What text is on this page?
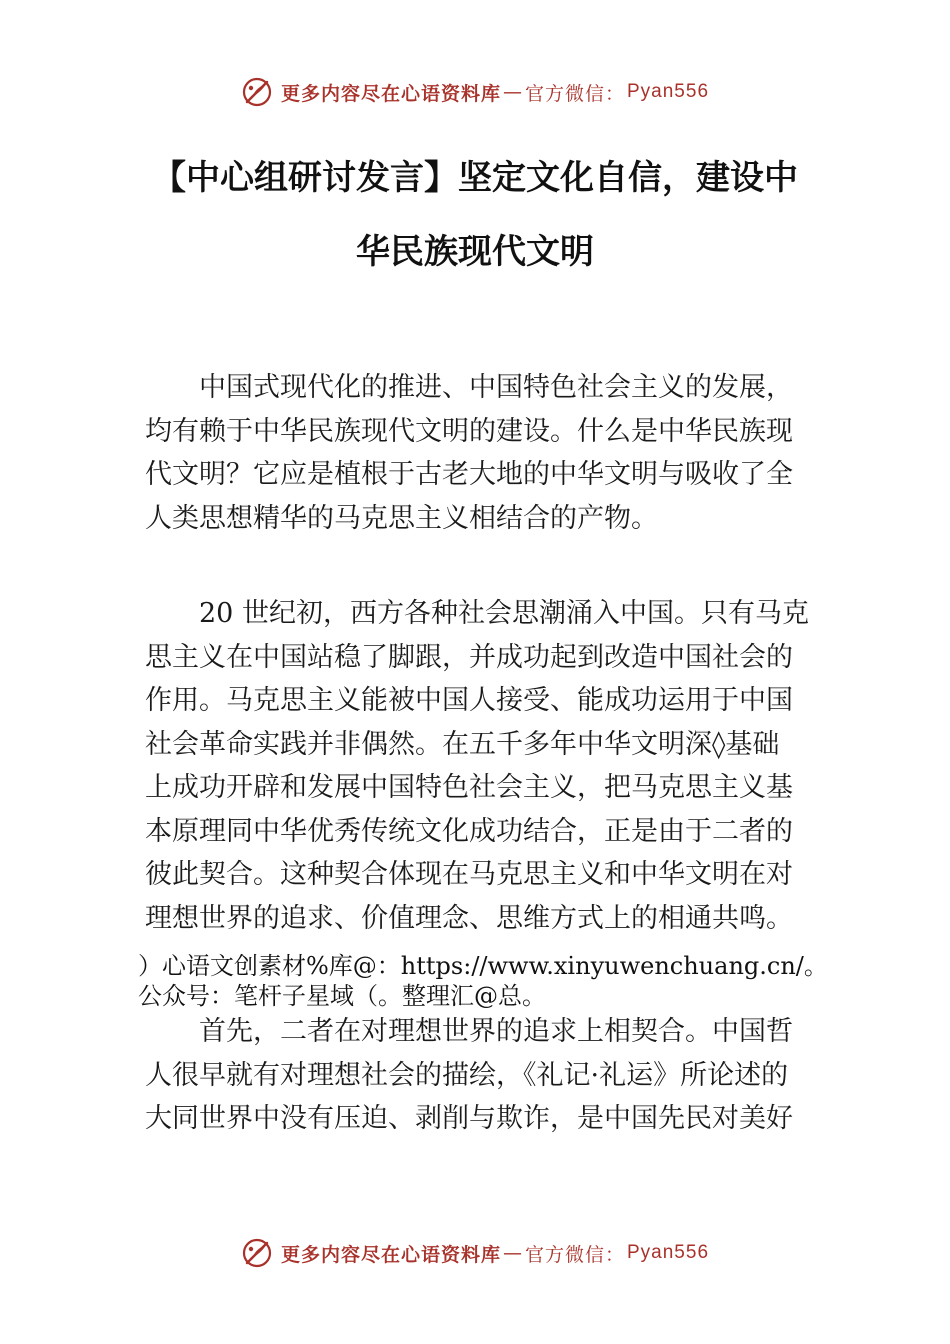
更多内容尽在心语资料库 — 官方微信： Pyan556
【中心组研讨发言】坚定文化自信，建设中
华民族现代文明
中国式现代化的推进、中国特色社会主义的发展，
均有赖于中华民族现代文明的建设。什么是中华民族现
代文明？它应是植根于古老大地的中华文明与吸收了全
人类思想精华的马克思主义相结合的产物。
20 世纪初，西方各种社会思潮涌入中国。只有马克
思主义在中国站稳了脚跟，并成功起到改造中国社会的
作用。马克思主义能被中国人接受、能成功运用于中国
社会革命实践并非偶然。在五千多年中华文明深◊基础
上成功开辟和发展中国特色社会主义，把马克思主义基
本原理同中华优秀传统文化成功结合，正是由于二者的
彼此契合。这种契合体现在马克思主义和中华文明在对
理想世界的追求、价值理念、思维方式上的相通共鸣。
）心语文创素材%库@：https://www.xinyuwenchuang.cn/。
公众号：笔杆子星域（。整理汇@总。
首先，二者在对理想世界的追求上相契合。中国哲
人很早就有对理想社会的描绘，《礼记·礼运》所论述的
大同世界中没有压迫、剥削与欺诈，是中国先民对美好
更多内容尽在心语资料库 — 官方微信： Pyan556
